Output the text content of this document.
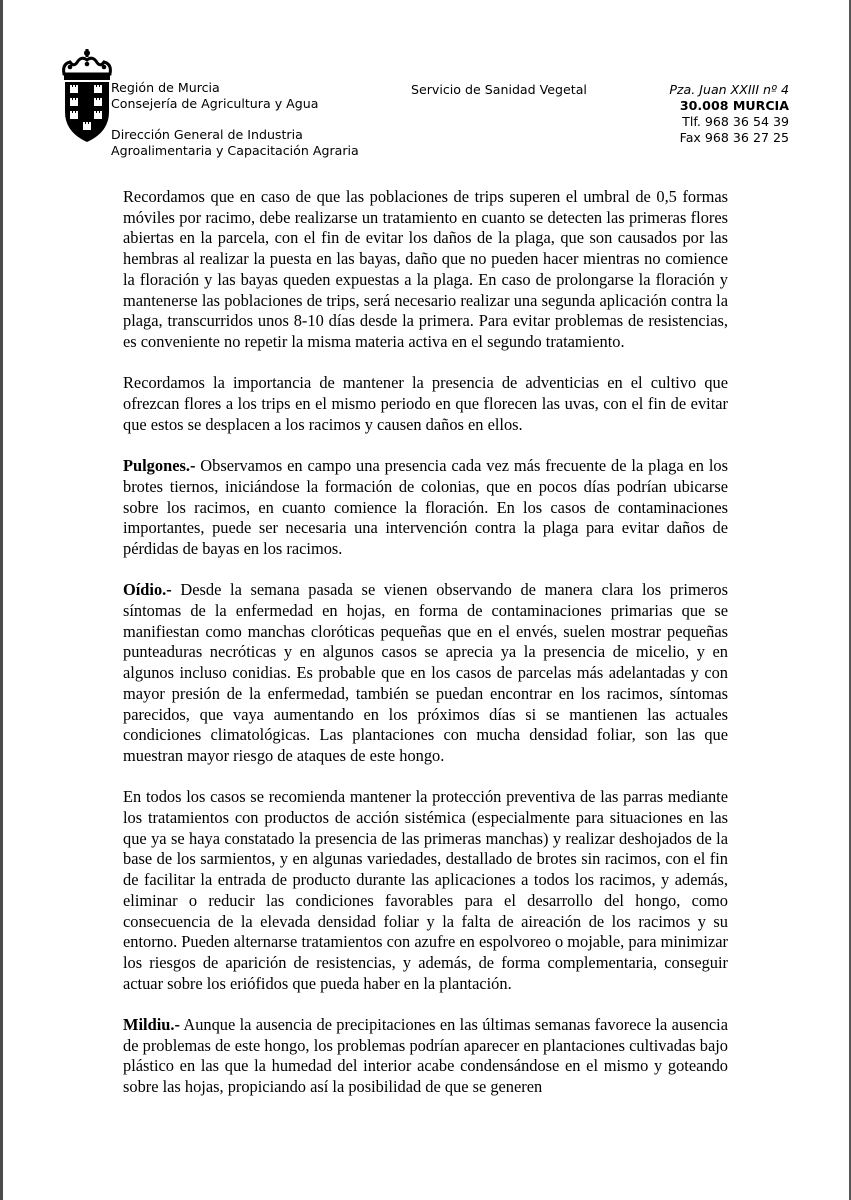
Región de Murcia
Consejería de Agricultura y Agua
Dirección General de Industria
Agroalimentaria y Capacitación Agraria
Servicio de Sanidad Vegetal	Pza. Juan XXIII nº 4
30.008 MURCIA
Tlf. 968 36 54 39
Fax 968 36 27 25

Recordamos que en caso de que las poblaciones de trips superen el umbral de 0,5 formas móviles por racimo, debe realizarse un tratamiento en cuanto se detecten las primeras flores abiertas en la parcela, con el fin de evitar los daños de la plaga, que son causados por las hembras al realizar la puesta en las bayas, daño que no pueden hacer mientras no comience la floración y las bayas queden expuestas a la plaga. En caso de prolongarse la floración y mantenerse las poblaciones de trips, será necesario realizar una segunda aplicación contra la plaga, transcurridos unos 8-10 días desde la primera. Para evitar problemas de resistencias, es conveniente no repetir la misma materia activa en el segundo tratamiento.

Recordamos la importancia de mantener la presencia de adventicias en el cultivo que ofrezcan flores a los trips en el mismo periodo en que florecen las uvas, con el fin de evitar que estos se desplacen a los racimos y causen daños en ellos.

Pulgones.- Observamos en campo una presencia cada vez más frecuente de la plaga en los brotes tiernos, iniciándose la formación de colonias, que en pocos días podrían ubicarse sobre los racimos, en cuanto comience la floración. En los casos de contaminaciones importantes, puede ser necesaria una intervención contra la plaga para evitar daños de pérdidas de bayas en los racimos.

Oídio.- Desde la semana pasada se vienen observando de manera clara los primeros síntomas de la enfermedad en hojas, en forma de contaminaciones primarias que se manifiestan como manchas cloróticas pequeñas que en el envés, suelen mostrar pequeñas punteaduras necróticas y en algunos casos se aprecia ya la presencia de micelio, y en algunos incluso conidias. Es probable que en los casos de parcelas más adelantadas y con mayor presión de la enfermedad, también se puedan encontrar en los racimos, síntomas parecidos, que vaya aumentando en los próximos días si se mantienen las actuales condiciones climatológicas. Las plantaciones con mucha densidad foliar, son las que muestran mayor riesgo de ataques de este hongo.

En todos los casos se recomienda mantener la protección preventiva de las parras mediante los tratamientos con productos de acción sistémica (especialmente para situaciones en las que ya se haya constatado la presencia de las primeras manchas) y realizar deshojados de la base de los sarmientos, y en algunas variedades, destallado de brotes sin racimos, con el fin de facilitar la entrada de producto durante las aplicaciones a todos los racimos, y además, eliminar o reducir las condiciones favorables para el desarrollo del hongo, como consecuencia de la elevada densidad foliar y la falta de aireación de los racimos y su entorno. Pueden alternarse tratamientos con azufre en espolvoreo o mojable, para minimizar los riesgos de aparición de resistencias, y además, de forma complementaria, conseguir actuar sobre los eriófidos que pueda haber en la plantación.

Mildiu.- Aunque la ausencia de precipitaciones en las últimas semanas favorece la ausencia de problemas de este hongo, los problemas podrían aparecer en plantaciones cultivadas bajo plástico en las que la humedad del interior acabe condensándose en el mismo y goteando sobre las hojas, propiciando así la posibilidad de que se generen
